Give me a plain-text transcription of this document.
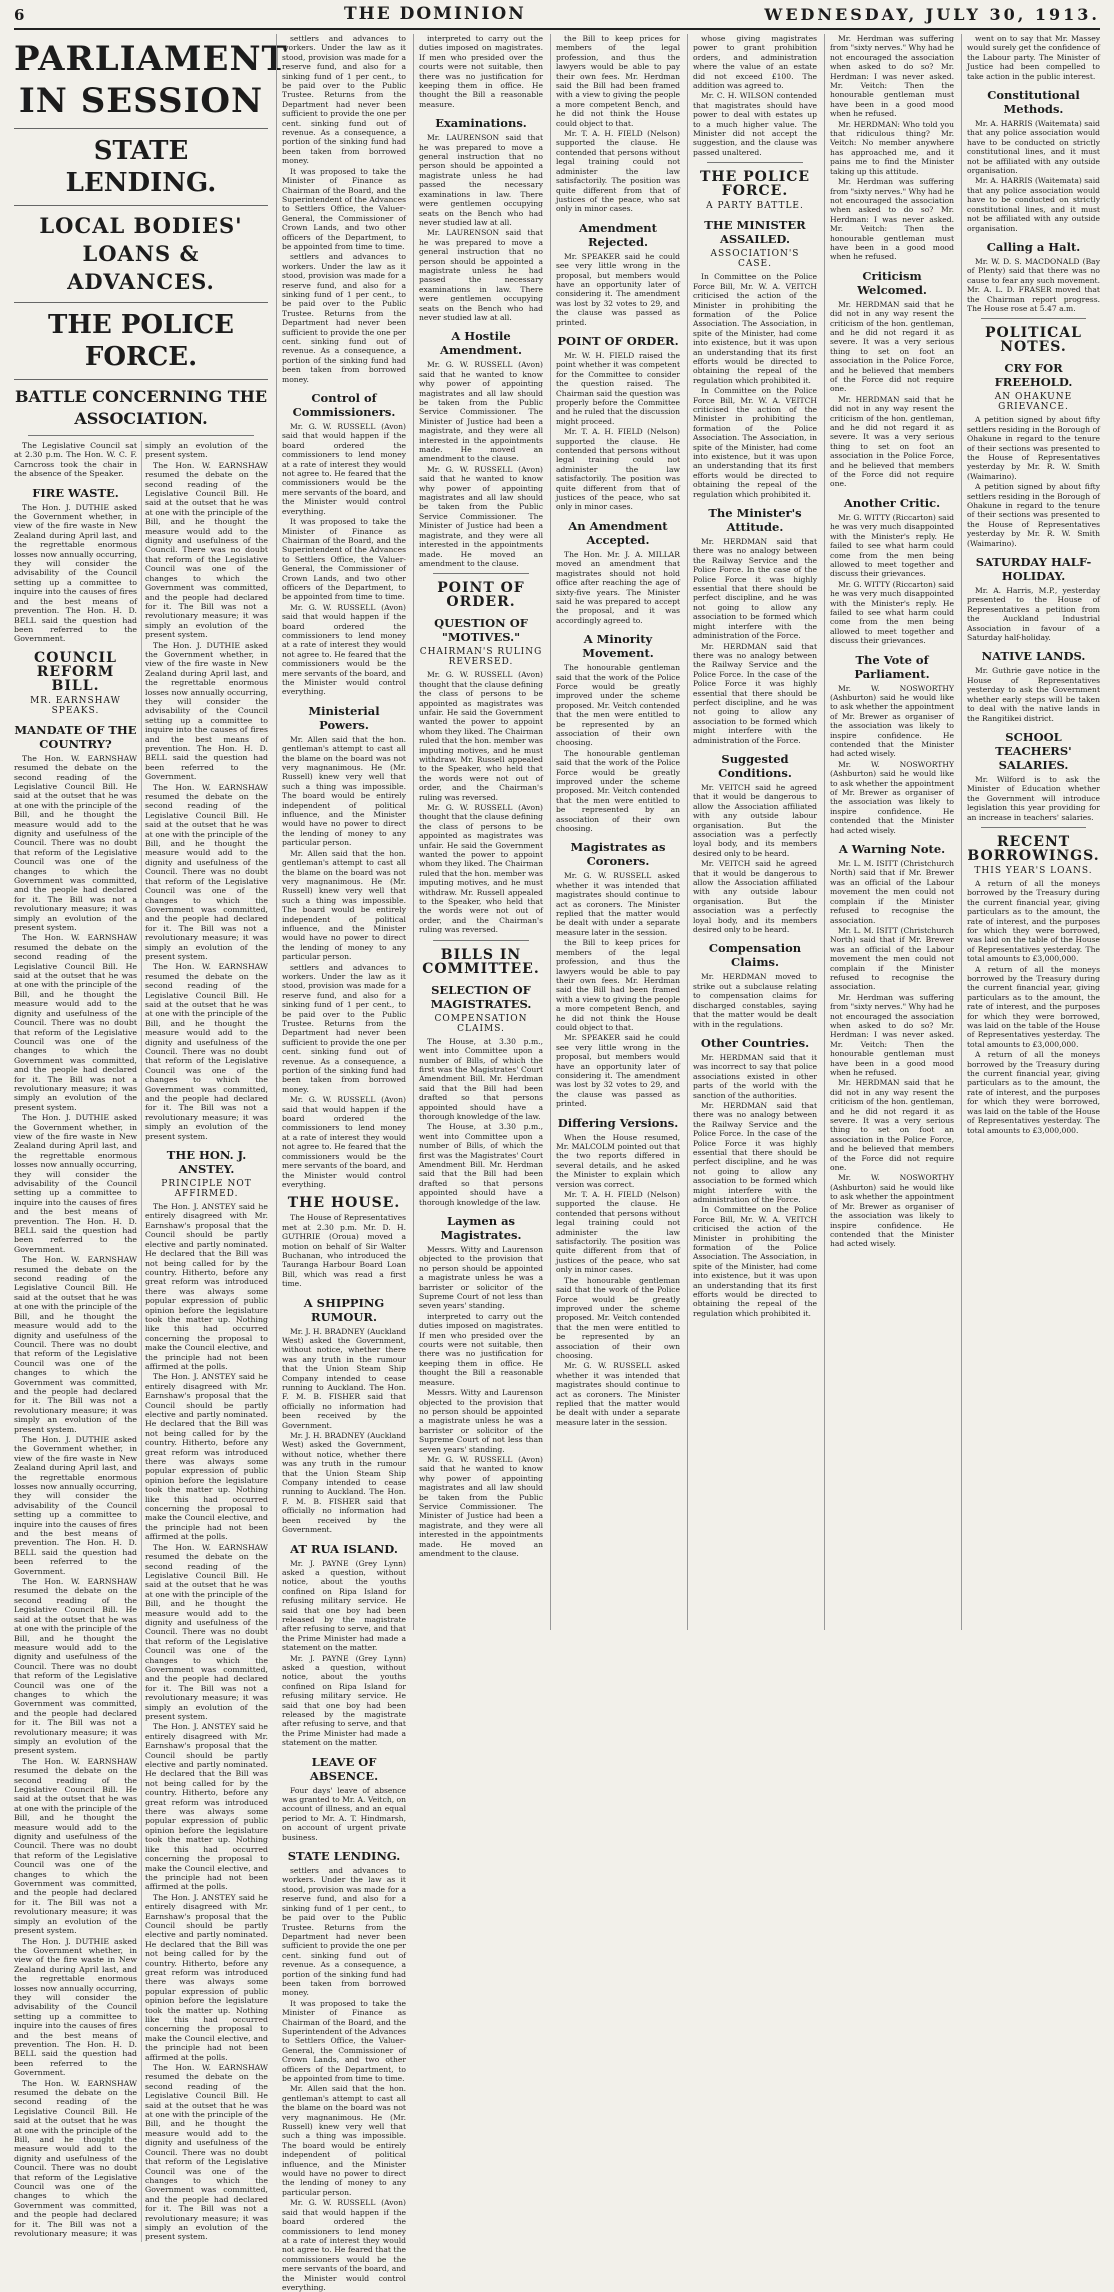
6	THE DOMINION	WEDNESDAY, JULY 30, 1913.
PARLIAMENT IN SESSION
STATE LENDING.
LOCAL BODIES' LOANS & ADVANCES.
THE POLICE FORCE.
BATTLE CONCERNING THE ASSOCIATION.

The Legislative Council sat at 2.30 p.m. The Hon. W. C. F. Carncross took the chair in the absence of the Speaker.

FIRE WASTE.

The Hon. J. DUTHIE asked the Government whether, in view of the fire waste in New Zealand during April last, and the regrettable enormous losses now annually occurring, they will consider the advisability of the Council setting up a committee to inquire into the causes of fires and the best means of prevention. The Hon. H. D. BELL said the question had been referred to the Government.

COUNCIL REFORM BILL.
MR. EARNSHAW SPEAKS.
MANDATE OF THE COUNTRY?

The Hon. W. EARNSHAW resumed the debate on the second reading of the Legislative Council Bill. He said at the outset that he was at one with the principle of the Bill, and he thought the measure would add to the dignity and usefulness of the Council. There was no doubt that reform of the Legislative Council was one of the changes to which the Government was committed, and the people had declared for it. The Bill was not a revolutionary measure; it was simply an evolution of the present system.

The Hon. W. EARNSHAW resumed the debate on the second reading of the Legislative Council Bill. He said at the outset that he was at one with the principle of the Bill, and he thought the measure would add to the dignity and usefulness of the Council. There was no doubt that reform of the Legislative Council was one of the changes to which the Government was committed, and the people had declared for it. The Bill was not a revolutionary measure; it was simply an evolution of the present system.

The Hon. J. DUTHIE asked the Government whether, in view of the fire waste in New Zealand during April last, and the regrettable enormous losses now annually occurring, they will consider the advisability of the Council setting up a committee to inquire into the causes of fires and the best means of prevention. The Hon. H. D. BELL said the question had been referred to the Government.

The Hon. W. EARNSHAW resumed the debate on the second reading of the Legislative Council Bill. He said at the outset that he was at one with the principle of the Bill, and he thought the measure would add to the dignity and usefulness of the Council. There was no doubt that reform of the Legislative Council was one of the changes to which the Government was committed, and the people had declared for it. The Bill was not a revolutionary measure; it was simply an evolution of the present system.

The Hon. J. DUTHIE asked the Government whether, in view of the fire waste in New Zealand during April last, and the regrettable enormous losses now annually occurring, they will consider the advisability of the Council setting up a committee to inquire into the causes of fires and the best means of prevention. The Hon. H. D. BELL said the question had been referred to the Government.

The Hon. W. EARNSHAW resumed the debate on the second reading of the Legislative Council Bill. He said at the outset that he was at one with the principle of the Bill, and he thought the measure would add to the dignity and usefulness of the Council. There was no doubt that reform of the Legislative Council was one of the changes to which the Government was committed, and the people had declared for it. The Bill was not a revolutionary measure; it was simply an evolution of the present system.

The Hon. W. EARNSHAW resumed the debate on the second reading of the Legislative Council Bill. He said at the outset that he was at one with the principle of the Bill, and he thought the measure would add to the dignity and usefulness of the Council. There was no doubt that reform of the Legislative Council was one of the changes to which the Government was committed, and the people had declared for it. The Bill was not a revolutionary measure; it was simply an evolution of the present system.

The Hon. J. DUTHIE asked the Government whether, in view of the fire waste in New Zealand during April last, and the regrettable enormous losses now annually occurring, they will consider the advisability of the Council setting up a committee to inquire into the causes of fires and the best means of prevention. The Hon. H. D. BELL said the question had been referred to the Government.

The Hon. W. EARNSHAW resumed the debate on the second reading of the Legislative Council Bill. He said at the outset that he was at one with the principle of the Bill, and he thought the measure would add to the dignity and usefulness of the Council. There was no doubt that reform of the Legislative Council was one of the changes to which the Government was committed, and the people had declared for it. The Bill was not a revolutionary measure; it was simply an evolution of the present system.

The Hon. W. EARNSHAW resumed the debate on the second reading of the Legislative Council Bill. He said at the outset that he was at one with the principle of the Bill, and he thought the measure would add to the dignity and usefulness of the Council. There was no doubt that reform of the Legislative Council was one of the changes to which the Government was committed, and the people had declared for it. The Bill was not a revolutionary measure; it was simply an evolution of the present system.

The Hon. J. DUTHIE asked the Government whether, in view of the fire waste in New Zealand during April last, and the regrettable enormous losses now annually occurring, they will consider the advisability of the Council setting up a committee to inquire into the causes of fires and the best means of prevention. The Hon. H. D. BELL said the question had been referred to the Government.

The Hon. W. EARNSHAW resumed the debate on the second reading of the Legislative Council Bill. He said at the outset that he was at one with the principle of the Bill, and he thought the measure would add to the dignity and usefulness of the Council. There was no doubt that reform of the Legislative Council was one of the changes to which the Government was committed, and the people had declared for it. The Bill was not a revolutionary measure; it was simply an evolution of the present system.

The Hon. W. EARNSHAW resumed the debate on the second reading of the Legislative Council Bill. He said at the outset that he was at one with the principle of the Bill, and he thought the measure would add to the dignity and usefulness of the Council. There was no doubt that reform of the Legislative Council was one of the changes to which the Government was committed, and the people had declared for it. The Bill was not a revolutionary measure; it was simply an evolution of the present system.

THE HON. J. ANSTEY.
PRINCIPLE NOT AFFIRMED.

The Hon. J. ANSTEY said he entirely disagreed with Mr. Earnshaw's proposal that the Council should be partly elective and partly nominated. He declared that the Bill was not being called for by the country. Hitherto, before any great reform was introduced there was always some popular expression of public opinion before the legislature took the matter up. Nothing like this had occurred concerning the proposal to make the Council elective, and the principle had not been affirmed at the polls.

The Hon. J. ANSTEY said he entirely disagreed with Mr. Earnshaw's proposal that the Council should be partly elective and partly nominated. He declared that the Bill was not being called for by the country. Hitherto, before any great reform was introduced there was always some popular expression of public opinion before the legislature took the matter up. Nothing like this had occurred concerning the proposal to make the Council elective, and the principle had not been affirmed at the polls.

The Hon. W. EARNSHAW resumed the debate on the second reading of the Legislative Council Bill. He said at the outset that he was at one with the principle of the Bill, and he thought the measure would add to the dignity and usefulness of the Council. There was no doubt that reform of the Legislative Council was one of the changes to which the Government was committed, and the people had declared for it. The Bill was not a revolutionary measure; it was simply an evolution of the present system.

The Hon. J. ANSTEY said he entirely disagreed with Mr. Earnshaw's proposal that the Council should be partly elective and partly nominated. He declared that the Bill was not being called for by the country. Hitherto, before any great reform was introduced there was always some popular expression of public opinion before the legislature took the matter up. Nothing like this had occurred concerning the proposal to make the Council elective, and the principle had not been affirmed at the polls.

The Hon. J. ANSTEY said he entirely disagreed with Mr. Earnshaw's proposal that the Council should be partly elective and partly nominated. He declared that the Bill was not being called for by the country. Hitherto, before any great reform was introduced there was always some popular expression of public opinion before the legislature took the matter up. Nothing like this had occurred concerning the proposal to make the Council elective, and the principle had not been affirmed at the polls.

The Hon. W. EARNSHAW resumed the debate on the second reading of the Legislative Council Bill. He said at the outset that he was at one with the principle of the Bill, and he thought the measure would add to the dignity and usefulness of the Council. There was no doubt that reform of the Legislative Council was one of the changes to which the Government was committed, and the people had declared for it. The Bill was not a revolutionary measure; it was simply an evolution of the present system.

settlers and advances to workers. Under the law as it stood, provision was made for a reserve fund, and also for a sinking fund of 1 per cent., to be paid over to the Public Trustee. Returns from the Department had never been sufficient to provide the one per cent. sinking fund out of revenue. As a consequence, a portion of the sinking fund had been taken from borrowed money.

It was proposed to take the Minister of Finance as Chairman of the Board, and the Superintendent of the Advances to Settlers Office, the Valuer-General, the Commissioner of Crown Lands, and two other officers of the Department, to be appointed from time to time.

settlers and advances to workers. Under the law as it stood, provision was made for a reserve fund, and also for a sinking fund of 1 per cent., to be paid over to the Public Trustee. Returns from the Department had never been sufficient to provide the one per cent. sinking fund out of revenue. As a consequence, a portion of the sinking fund had been taken from borrowed money.

Control of Commissioners.

Mr. G. W. RUSSELL (Avon) said that would happen if the board ordered the commissioners to lend money at a rate of interest they would not agree to. He feared that the commissioners would be the mere servants of the board, and the Minister would control everything.

It was proposed to take the Minister of Finance as Chairman of the Board, and the Superintendent of the Advances to Settlers Office, the Valuer-General, the Commissioner of Crown Lands, and two other officers of the Department, to be appointed from time to time.

Mr. G. W. RUSSELL (Avon) said that would happen if the board ordered the commissioners to lend money at a rate of interest they would not agree to. He feared that the commissioners would be the mere servants of the board, and the Minister would control everything.

Ministerial Powers.

Mr. Allen said that the hon. gentleman's attempt to cast all the blame on the board was not very magnanimous. He (Mr. Russell) knew very well that such a thing was impossible. The board would be entirely independent of political influence, and the Minister would have no power to direct the lending of money to any particular person.

Mr. Allen said that the hon. gentleman's attempt to cast all the blame on the board was not very magnanimous. He (Mr. Russell) knew very well that such a thing was impossible. The board would be entirely independent of political influence, and the Minister would have no power to direct the lending of money to any particular person.

settlers and advances to workers. Under the law as it stood, provision was made for a reserve fund, and also for a sinking fund of 1 per cent., to be paid over to the Public Trustee. Returns from the Department had never been sufficient to provide the one per cent. sinking fund out of revenue. As a consequence, a portion of the sinking fund had been taken from borrowed money.

Mr. G. W. RUSSELL (Avon) said that would happen if the board ordered the commissioners to lend money at a rate of interest they would not agree to. He feared that the commissioners would be the mere servants of the board, and the Minister would control everything.

THE HOUSE.

The House of Representatives met at 2.30 p.m. Mr. D. H. GUTHRIE (Oroua) moved a motion on behalf of Sir Walter Buchanan, who introduced the Tauranga Harbour Board Loan Bill, which was read a first time.

A SHIPPING RUMOUR.

Mr. J. H. BRADNEY (Auckland West) asked the Government, without notice, whether there was any truth in the rumour that the Union Steam Ship Company intended to cease running to Auckland. The Hon. F. M. B. FISHER said that officially no information had been received by the Government.

Mr. J. H. BRADNEY (Auckland West) asked the Government, without notice, whether there was any truth in the rumour that the Union Steam Ship Company intended to cease running to Auckland. The Hon. F. M. B. FISHER said that officially no information had been received by the Government.

AT RUA ISLAND.

Mr. J. PAYNE (Grey Lynn) asked a question, without notice, about the youths confined on Ripa Island for refusing military service. He said that one boy had been released by the magistrate after refusing to serve, and that the Prime Minister had made a statement on the matter.

Mr. J. PAYNE (Grey Lynn) asked a question, without notice, about the youths confined on Ripa Island for refusing military service. He said that one boy had been released by the magistrate after refusing to serve, and that the Prime Minister had made a statement on the matter.

LEAVE OF ABSENCE.

Four days' leave of absence was granted to Mr. A. Veitch, on account of illness, and an equal period to Mr. A. T. Hindmarsh, on account of urgent private business.

STATE LENDING.

settlers and advances to workers. Under the law as it stood, provision was made for a reserve fund, and also for a sinking fund of 1 per cent., to be paid over to the Public Trustee. Returns from the Department had never been sufficient to provide the one per cent. sinking fund out of revenue. As a consequence, a portion of the sinking fund had been taken from borrowed money.

It was proposed to take the Minister of Finance as Chairman of the Board, and the Superintendent of the Advances to Settlers Office, the Valuer-General, the Commissioner of Crown Lands, and two other officers of the Department, to be appointed from time to time.

Mr. Allen said that the hon. gentleman's attempt to cast all the blame on the board was not very magnanimous. He (Mr. Russell) knew very well that such a thing was impossible. The board would be entirely independent of political influence, and the Minister would have no power to direct the lending of money to any particular person.

Mr. G. W. RUSSELL (Avon) said that would happen if the board ordered the commissioners to lend money at a rate of interest they would not agree to. He feared that the commissioners would be the mere servants of the board, and the Minister would control everything.

interpreted to carry out the duties imposed on magistrates. If men who presided over the courts were not suitable, then there was no justification for keeping them in office. He thought the Bill a reasonable measure.

Examinations.

Mr. LAURENSON said that he was prepared to move a general instruction that no person should be appointed a magistrate unless he had passed the necessary examinations in law. There were gentlemen occupying seats on the Bench who had never studied law at all.

Mr. LAURENSON said that he was prepared to move a general instruction that no person should be appointed a magistrate unless he had passed the necessary examinations in law. There were gentlemen occupying seats on the Bench who had never studied law at all.

A Hostile Amendment.

Mr. G. W. RUSSELL (Avon) said that he wanted to know why power of appointing magistrates and all law should be taken from the Public Service Commissioner. The Minister of Justice had been a magistrate, and they were all interested in the appointments made. He moved an amendment to the clause.

Mr. G. W. RUSSELL (Avon) said that he wanted to know why power of appointing magistrates and all law should be taken from the Public Service Commissioner. The Minister of Justice had been a magistrate, and they were all interested in the appointments made. He moved an amendment to the clause.

POINT OF ORDER.
QUESTION OF "MOTIVES."
CHAIRMAN'S RULING REVERSED.

Mr. G. W. RUSSELL (Avon) thought that the clause defining the class of persons to be appointed as magistrates was unfair. He said the Government wanted the power to appoint whom they liked. The Chairman ruled that the hon. member was imputing motives, and he must withdraw. Mr. Russell appealed to the Speaker, who held that the words were not out of order, and the Chairman's ruling was reversed.

Mr. G. W. RUSSELL (Avon) thought that the clause defining the class of persons to be appointed as magistrates was unfair. He said the Government wanted the power to appoint whom they liked. The Chairman ruled that the hon. member was imputing motives, and he must withdraw. Mr. Russell appealed to the Speaker, who held that the words were not out of order, and the Chairman's ruling was reversed.

BILLS IN COMMITTEE.
SELECTION OF MAGISTRATES.
COMPENSATION CLAIMS.

The House, at 3.30 p.m., went into Committee upon a number of Bills, of which the first was the Magistrates' Court Amendment Bill. Mr. Herdman said that the Bill had been drafted so that persons appointed should have a thorough knowledge of the law.

The House, at 3.30 p.m., went into Committee upon a number of Bills, of which the first was the Magistrates' Court Amendment Bill. Mr. Herdman said that the Bill had been drafted so that persons appointed should have a thorough knowledge of the law.

Laymen as Magistrates.

Messrs. Witty and Laurenson objected to the provision that no person should be appointed a magistrate unless he was a barrister or solicitor of the Supreme Court of not less than seven years' standing.

interpreted to carry out the duties imposed on magistrates. If men who presided over the courts were not suitable, then there was no justification for keeping them in office. He thought the Bill a reasonable measure.

Messrs. Witty and Laurenson objected to the provision that no person should be appointed a magistrate unless he was a barrister or solicitor of the Supreme Court of not less than seven years' standing.

Mr. G. W. RUSSELL (Avon) said that he wanted to know why power of appointing magistrates and all law should be taken from the Public Service Commissioner. The Minister of Justice had been a magistrate, and they were all interested in the appointments made. He moved an amendment to the clause.

the Bill to keep prices for members of the legal profession, and thus the lawyers would be able to pay their own fees. Mr. Herdman said the Bill had been framed with a view to giving the people a more competent Bench, and he did not think the House could object to that.

Mr. T. A. H. FIELD (Nelson) supported the clause. He contended that persons without legal training could not administer the law satisfactorily. The position was quite different from that of justices of the peace, who sat only in minor cases.

Amendment Rejected.

Mr. SPEAKER said he could see very little wrong in the proposal, but members would have an opportunity later of considering it. The amendment was lost by 32 votes to 29, and the clause was passed as printed.

POINT OF ORDER.

Mr. W. H. FIELD raised the point whether it was competent for the Committee to consider the question raised. The Chairman said the question was properly before the Committee and he ruled that the discussion might proceed.

Mr. T. A. H. FIELD (Nelson) supported the clause. He contended that persons without legal training could not administer the law satisfactorily. The position was quite different from that of justices of the peace, who sat only in minor cases.

An Amendment Accepted.

The Hon. Mr. J. A. MILLAR moved an amendment that magistrates should not hold office after reaching the age of sixty-five years. The Minister said he was prepared to accept the proposal, and it was accordingly agreed to.

A Minority Movement.

The honourable gentleman said that the work of the Police Force would be greatly improved under the scheme proposed. Mr. Veitch contended that the men were entitled to be represented by an association of their own choosing.

The honourable gentleman said that the work of the Police Force would be greatly improved under the scheme proposed. Mr. Veitch contended that the men were entitled to be represented by an association of their own choosing.

Magistrates as Coroners.

Mr. G. W. RUSSELL asked whether it was intended that magistrates should continue to act as coroners. The Minister replied that the matter would be dealt with under a separate measure later in the session.

the Bill to keep prices for members of the legal profession, and thus the lawyers would be able to pay their own fees. Mr. Herdman said the Bill had been framed with a view to giving the people a more competent Bench, and he did not think the House could object to that.

Mr. SPEAKER said he could see very little wrong in the proposal, but members would have an opportunity later of considering it. The amendment was lost by 32 votes to 29, and the clause was passed as printed.

Differing Versions.

When the House resumed, Mr. MALCOLM pointed out that the two reports differed in several details, and he asked the Minister to explain which version was correct.

Mr. T. A. H. FIELD (Nelson) supported the clause. He contended that persons without legal training could not administer the law satisfactorily. The position was quite different from that of justices of the peace, who sat only in minor cases.

The honourable gentleman said that the work of the Police Force would be greatly improved under the scheme proposed. Mr. Veitch contended that the men were entitled to be represented by an association of their own choosing.

Mr. G. W. RUSSELL asked whether it was intended that magistrates should continue to act as coroners. The Minister replied that the matter would be dealt with under a separate measure later in the session.

whose giving magistrates power to grant prohibition orders, and administration where the value of an estate did not exceed £100. The addition was agreed to.

Mr. C. H. WILSON contended that magistrates should have power to deal with estates up to a much higher value. The Minister did not accept the suggestion, and the clause was passed unaltered.

THE POLICE FORCE.
A PARTY BATTLE.
THE MINISTER ASSAILED.
ASSOCIATION'S CASE.

In Committee on the Police Force Bill, Mr. W. A. VEITCH criticised the action of the Minister in prohibiting the formation of the Police Association. The Association, in spite of the Minister, had come into existence, but it was upon an understanding that its first efforts would be directed to obtaining the repeal of the regulation which prohibited it.

In Committee on the Police Force Bill, Mr. W. A. VEITCH criticised the action of the Minister in prohibiting the formation of the Police Association. The Association, in spite of the Minister, had come into existence, but it was upon an understanding that its first efforts would be directed to obtaining the repeal of the regulation which prohibited it.

The Minister's Attitude.

Mr. HERDMAN said that there was no analogy between the Railway Service and the Police Force. In the case of the Police Force it was highly essential that there should be perfect discipline, and he was not going to allow any association to be formed which might interfere with the administration of the Force.

Mr. HERDMAN said that there was no analogy between the Railway Service and the Police Force. In the case of the Police Force it was highly essential that there should be perfect discipline, and he was not going to allow any association to be formed which might interfere with the administration of the Force.

Suggested Conditions.

Mr. VEITCH said he agreed that it would be dangerous to allow the Association affiliated with any outside labour organisation. But the association was a perfectly loyal body, and its members desired only to be heard.

Mr. VEITCH said he agreed that it would be dangerous to allow the Association affiliated with any outside labour organisation. But the association was a perfectly loyal body, and its members desired only to be heard.

Compensation Claims.

Mr. HERDMAN moved to strike out a subclause relating to compensation claims for discharged constables, saying that the matter would be dealt with in the regulations.

Other Countries.

Mr. HERDMAN said that it was incorrect to say that police associations existed in other parts of the world with the sanction of the authorities.

Mr. HERDMAN said that there was no analogy between the Railway Service and the Police Force. In the case of the Police Force it was highly essential that there should be perfect discipline, and he was not going to allow any association to be formed which might interfere with the administration of the Force.

In Committee on the Police Force Bill, Mr. W. A. VEITCH criticised the action of the Minister in prohibiting the formation of the Police Association. The Association, in spite of the Minister, had come into existence, but it was upon an understanding that its first efforts would be directed to obtaining the repeal of the regulation which prohibited it.

Mr. Herdman was suffering from "sixty nerves." Why had he not encouraged the association when asked to do so? Mr. Herdman: I was never asked. Mr. Veitch: Then the honourable gentleman must have been in a good mood when he refused.

Mr. HERDMAN: Who told you that ridiculous thing? Mr. Veitch: No member anywhere has approached me, and it pains me to find the Minister taking up this attitude.

Mr. Herdman was suffering from "sixty nerves." Why had he not encouraged the association when asked to do so? Mr. Herdman: I was never asked. Mr. Veitch: Then the honourable gentleman must have been in a good mood when he refused.

Criticism Welcomed.

Mr. HERDMAN said that he did not in any way resent the criticism of the hon. gentleman, and he did not regard it as severe. It was a very serious thing to set on foot an association in the Police Force, and he believed that members of the Force did not require one.

Mr. HERDMAN said that he did not in any way resent the criticism of the hon. gentleman, and he did not regard it as severe. It was a very serious thing to set on foot an association in the Police Force, and he believed that members of the Force did not require one.

Another Critic.

Mr. G. WITTY (Riccarton) said he was very much disappointed with the Minister's reply. He failed to see what harm could come from the men being allowed to meet together and discuss their grievances.

Mr. G. WITTY (Riccarton) said he was very much disappointed with the Minister's reply. He failed to see what harm could come from the men being allowed to meet together and discuss their grievances.

The Vote of Parliament.

Mr. W. NOSWORTHY (Ashburton) said he would like to ask whether the appointment of Mr. Brewer as organiser of the association was likely to inspire confidence. He contended that the Minister had acted wisely.

Mr. W. NOSWORTHY (Ashburton) said he would like to ask whether the appointment of Mr. Brewer as organiser of the association was likely to inspire confidence. He contended that the Minister had acted wisely.

A Warning Note.

Mr. L. M. ISITT (Christchurch North) said that if Mr. Brewer was an official of the Labour movement the men could not complain if the Minister refused to recognise the association.

Mr. L. M. ISITT (Christchurch North) said that if Mr. Brewer was an official of the Labour movement the men could not complain if the Minister refused to recognise the association.

Mr. Herdman was suffering from "sixty nerves." Why had he not encouraged the association when asked to do so? Mr. Herdman: I was never asked. Mr. Veitch: Then the honourable gentleman must have been in a good mood when he refused.

Mr. HERDMAN said that he did not in any way resent the criticism of the hon. gentleman, and he did not regard it as severe. It was a very serious thing to set on foot an association in the Police Force, and he believed that members of the Force did not require one.

Mr. W. NOSWORTHY (Ashburton) said he would like to ask whether the appointment of Mr. Brewer as organiser of the association was likely to inspire confidence. He contended that the Minister had acted wisely.

went on to say that Mr. Massey would surely get the confidence of the Labour party. The Minister of Justice had been compelled to take action in the public interest.

Constitutional Methods.

Mr. A. HARRIS (Waitemata) said that any police association would have to be conducted on strictly constitutional lines, and it must not be affiliated with any outside organisation.

Mr. A. HARRIS (Waitemata) said that any police association would have to be conducted on strictly constitutional lines, and it must not be affiliated with any outside organisation.

Calling a Halt.

Mr. W. D. S. MACDONALD (Bay of Plenty) said that there was no cause to fear any such movement. Mr. A. L. D. FRASER moved that the Chairman report progress. The House rose at 5.47 a.m.

POLITICAL NOTES.
CRY FOR FREEHOLD.
AN OHAKUNE GRIEVANCE.

A petition signed by about fifty settlers residing in the Borough of Ohakune in regard to the tenure of their sections was presented to the House of Representatives yesterday by Mr. R. W. Smith (Waimarino).

A petition signed by about fifty settlers residing in the Borough of Ohakune in regard to the tenure of their sections was presented to the House of Representatives yesterday by Mr. R. W. Smith (Waimarino).

SATURDAY HALF-HOLIDAY.

Mr. A. Harris, M.P., yesterday presented to the House of Representatives a petition from the Auckland Industrial Association in favour of a Saturday half-holiday.

NATIVE LANDS.

Mr. Guthrie gave notice in the House of Representatives yesterday to ask the Government whether early steps will be taken to deal with the native lands in the Rangitikei district.

SCHOOL TEACHERS' SALARIES.

Mr. Wilford is to ask the Minister of Education whether the Government will introduce legislation this year providing for an increase in teachers' salaries.

RECENT BORROWINGS.
THIS YEAR'S LOANS.

A return of all the moneys borrowed by the Treasury during the current financial year, giving particulars as to the amount, the rate of interest, and the purposes for which they were borrowed, was laid on the table of the House of Representatives yesterday. The total amounts to £3,000,000.

A return of all the moneys borrowed by the Treasury during the current financial year, giving particulars as to the amount, the rate of interest, and the purposes for which they were borrowed, was laid on the table of the House of Representatives yesterday. The total amounts to £3,000,000.

A return of all the moneys borrowed by the Treasury during the current financial year, giving particulars as to the amount, the rate of interest, and the purposes for which they were borrowed, was laid on the table of the House of Representatives yesterday. The total amounts to £3,000,000.
